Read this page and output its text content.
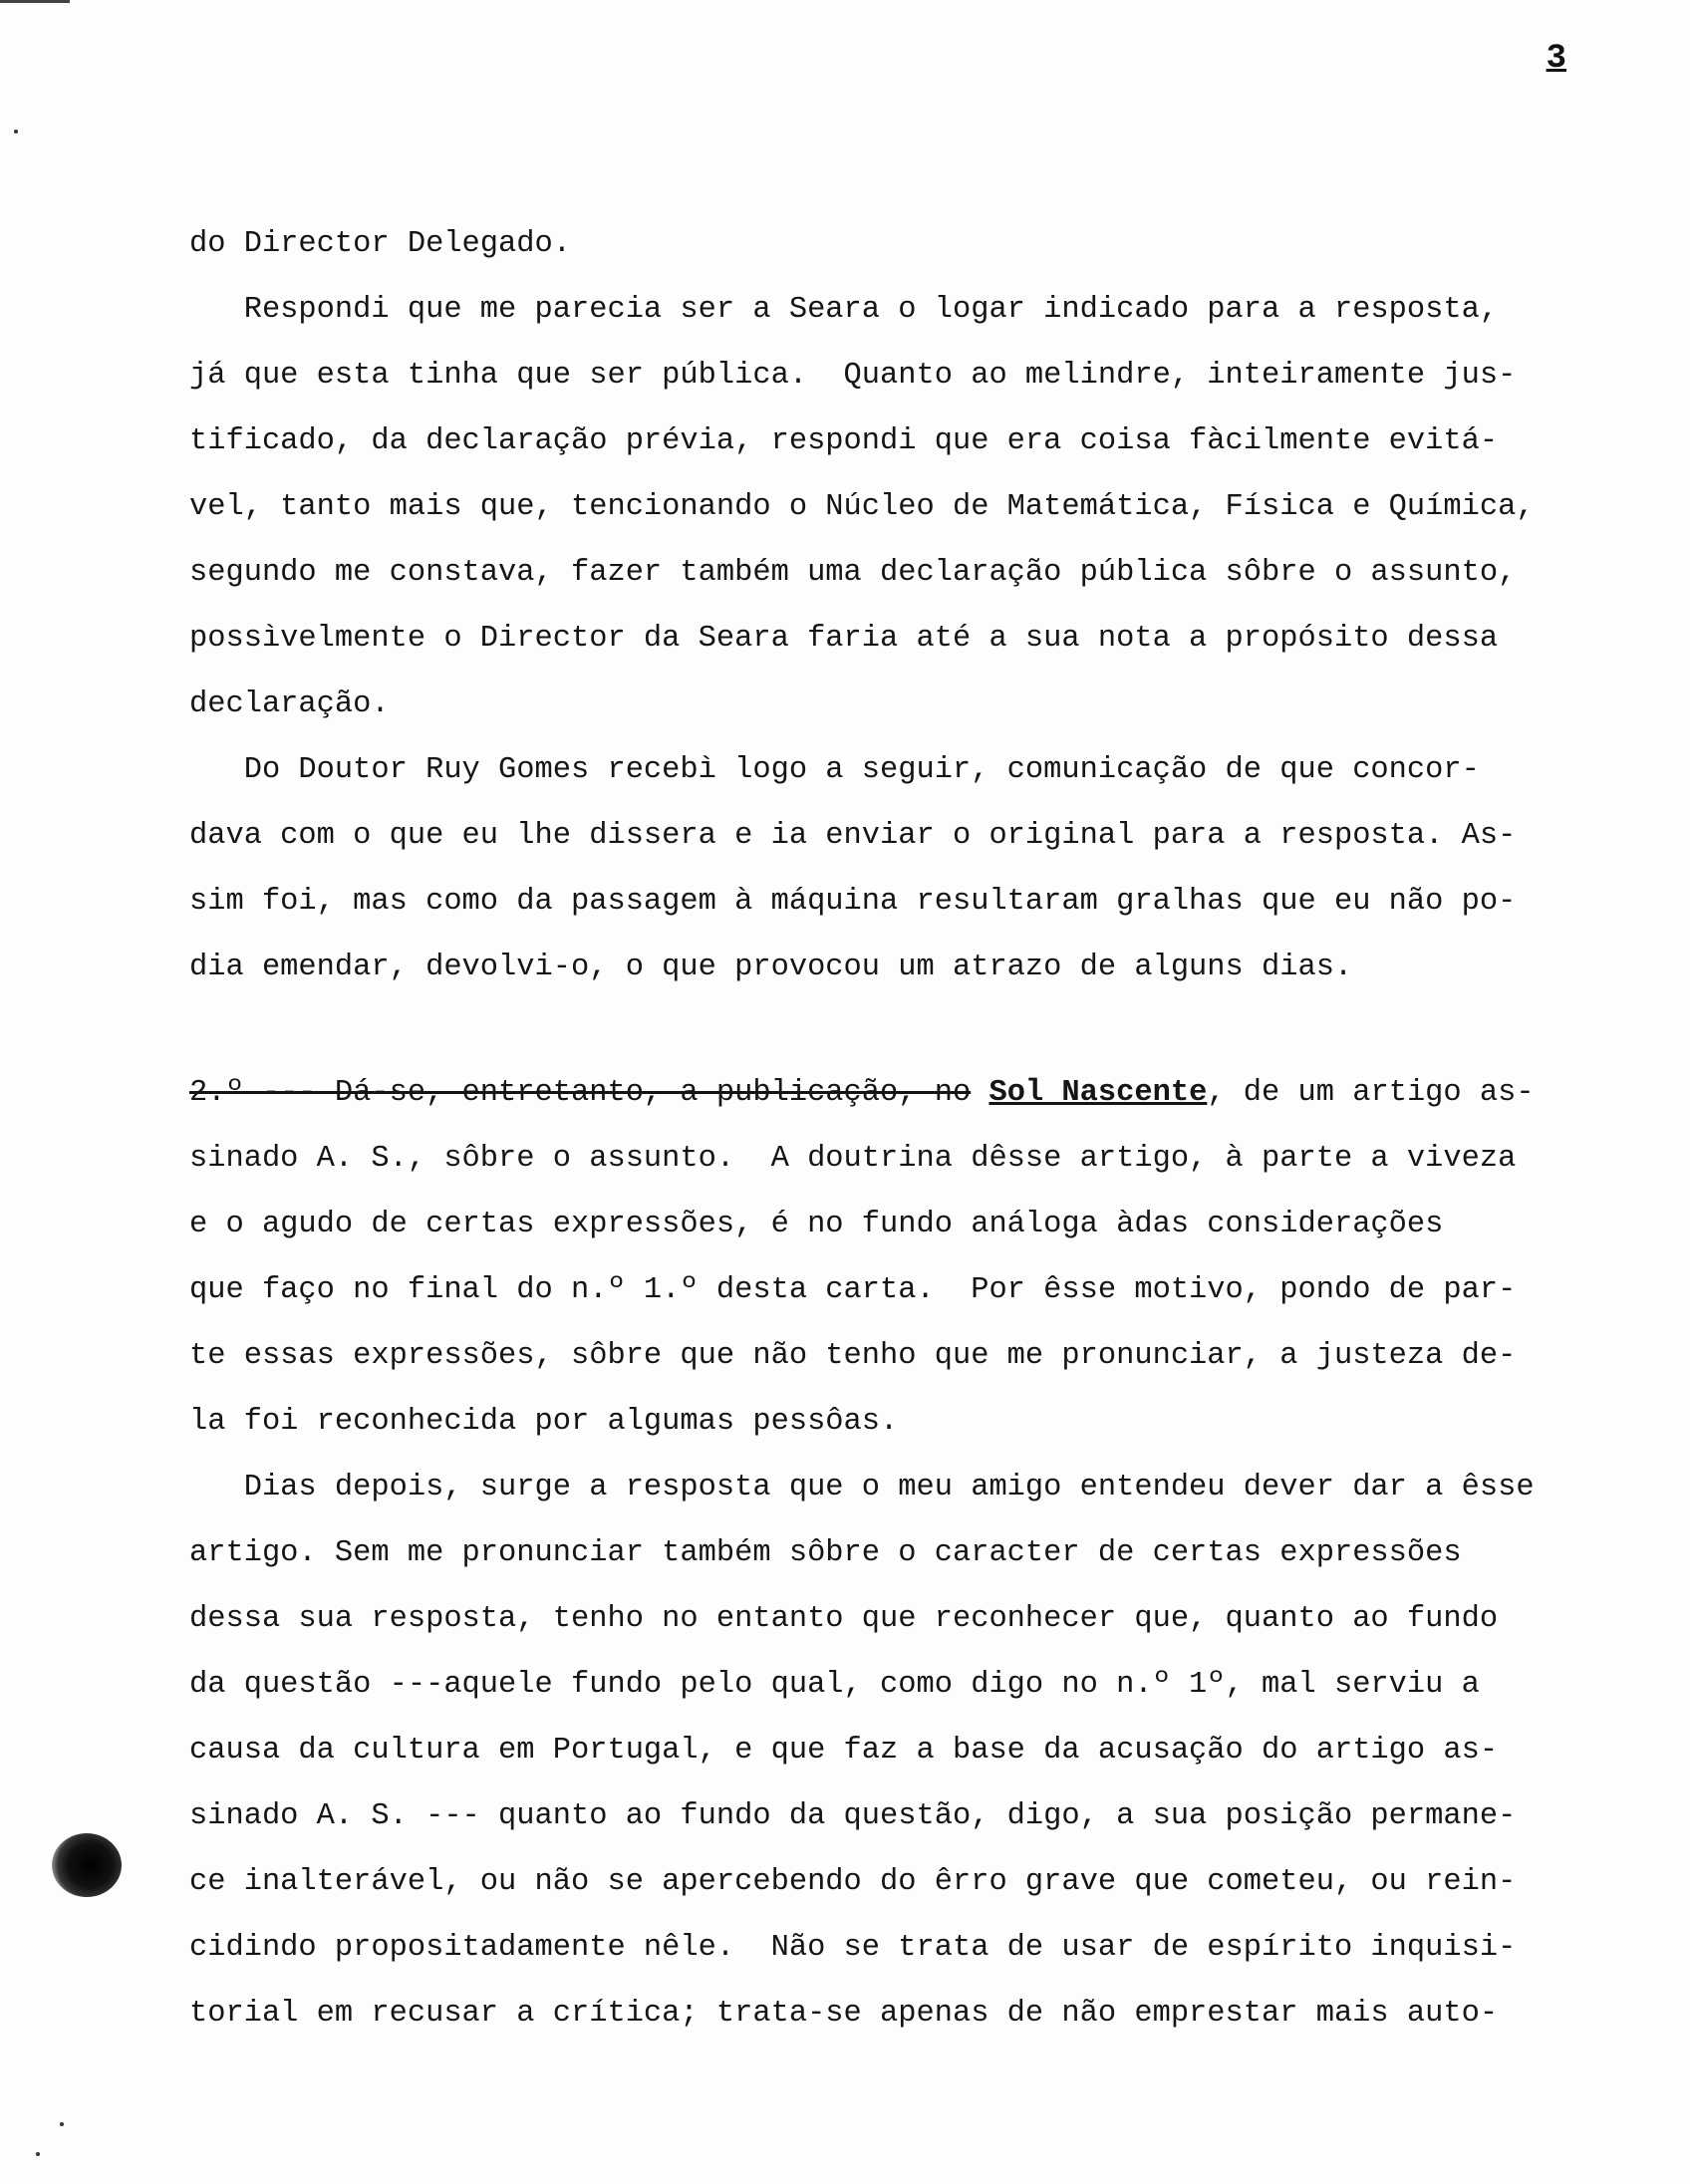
3

do Director Delegado.

Respondi que me parecia ser a Seara o logar indicado para a resposta,

já que esta tinha que ser pública.  Quanto ao melindre, inteiramente jus-

tificado, da declaração prévia, respondi que era coisa fàcilmente evitá-

vel, tanto mais que, tencionando o Núcleo de Matemática, Física e Química,

segundo me constava, fazer também uma declaração pública sôbre o assunto,

possìvelmente o Director da Seara faria até a sua nota a propósito dessa

declaração.

Do Doutor Ruy Gomes recebì logo a seguir, comunicação de que concor-

dava com o que eu lhe dissera e ia enviar o original para a resposta. As-

sim foi, mas como da passagem à máquina resultaram gralhas que eu não po-

dia emendar, devolvi-o, o que provocou um atrazo de alguns dias.

2.º --- Dá-se, entretanto, a publicação, no Sol Nascente, de um artigo as-

sinado A. S., sôbre o assunto.  A doutrina dêsse artigo, à parte a viveza

e o agudo de certas expressões, é no fundo análoga àdas considerações

que faço no final do n.º 1.º desta carta.  Por êsse motivo, pondo de par-

te essas expressões, sôbre que não tenho que me pronunciar, a justeza de-

la foi reconhecida por algumas pessôas.

Dias depois, surge a resposta que o meu amigo entendeu dever dar a êsse

artigo. Sem me pronunciar também sôbre o caracter de certas expressões

dessa sua resposta, tenho no entanto que reconhecer que, quanto ao fundo

da questão ---aquele fundo pelo qual, como digo no n.º 1º, mal serviu a

causa da cultura em Portugal, e que faz a base da acusação do artigo as-

sinado A. S. --- quanto ao fundo da questão, digo, a sua posição permane-

ce inalterável, ou não se apercebendo do êrro grave que cometeu, ou rein-

cidindo propositadamente nêle.  Não se trata de usar de espírito inquisi-

torial em recusar a crítica; trata-se apenas de não emprestar mais auto-
